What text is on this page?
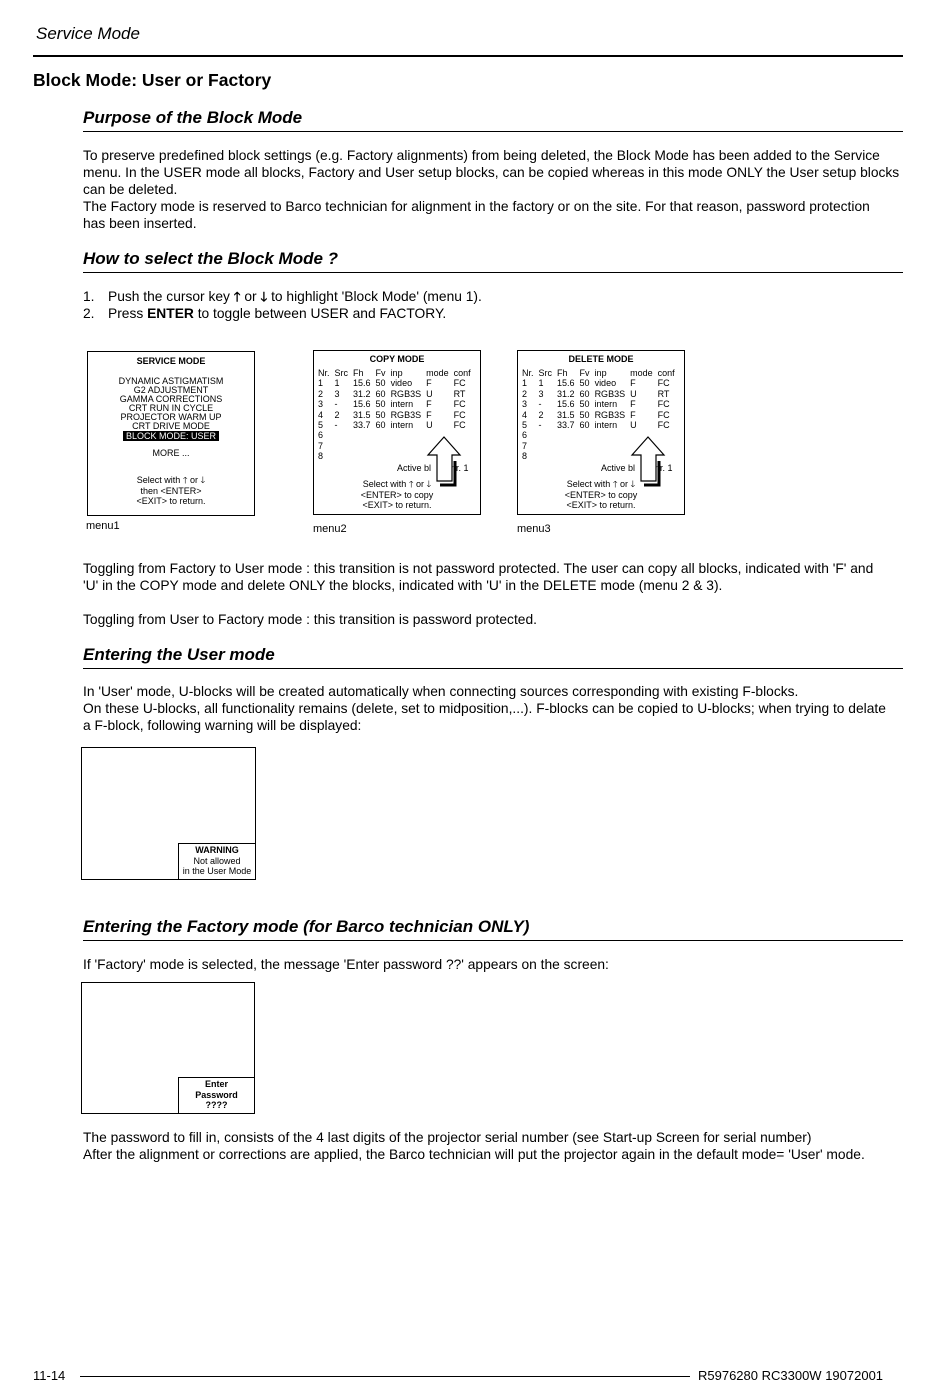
Service Mode
Block Mode: User or Factory
Purpose of the Block Mode
To preserve predefined block settings (e.g. Factory alignments) from being deleted, the Block Mode has been added to the Service
menu. In the USER mode all blocks, Factory and User setup blocks, can be copied whereas in this mode ONLY the User setup blocks
can be deleted.
The Factory mode is reserved to Barco technician for alignment in the factory or on the site. For that reason, password protection
has been inserted.
How to select the Block Mode ?
1. Push the cursor key 🡑 or 🡓 to highlight 'Block Mode' (menu 1).
2. Press ENTER to toggle between USER and FACTORY.
SERVICE MODE
DYNAMIC ASTIGMATISM
G2 ADJUSTMENT
GAMMA CORRECTIONS
CRT RUN IN CYCLE
PROJECTOR WARM UP
CRT DRIVE MODE
BLOCK MODE: USER
MORE ...
Select with 🡑 or 🡓
then <ENTER>
<EXIT> to return.
menu1
COPY MODE
Nr.	Src	Fh	Fv	inp	mode	conf
1	1	15.6	50	video	F	FC
2	3	31.2	60	RGB3S	U	RT
3	-	15.6	50	intern	F	FC
4	2	31.5	50	RGB3S	F	FC
5	-	33.7	60	intern	U	FC
6						
7						
8						
Active bl nr. 1
Select with 🡑 or 🡓
<ENTER> to copy
<EXIT> to return.
menu2
DELETE MODE
Nr.	Src	Fh	Fv	inp	mode	conf
1	1	15.6	50	video	F	FC
2	3	31.2	60	RGB3S	U	RT
3	-	15.6	50	intern	F	FC
4	2	31.5	50	RGB3S	F	FC
5	-	33.7	60	intern	U	FC
6						
7						
8						
Active bl nr. 1
Select with 🡑 or 🡓
<ENTER> to copy
<EXIT> to return.
menu3
Toggling from Factory to User mode : this transition is not password protected. The user can copy all blocks, indicated with 'F' and
'U' in the COPY mode and delete ONLY the blocks, indicated with 'U' in the DELETE mode (menu 2 & 3).
Toggling from User to Factory mode : this transition is password protected.
Entering the User mode
In 'User' mode, U-blocks will be created automatically when connecting sources corresponding with existing F-blocks.
On these U-blocks, all functionality remains (delete, set to midposition,...). F-blocks can be copied to U-blocks; when trying to delate
a F-block, following warning will be displayed:
WARNING
Not allowed
in the User Mode
Entering the Factory mode (for Barco technician ONLY)
If 'Factory' mode is selected, the message 'Enter password ??' appears on the screen:
Enter
Password
????
The password to fill in, consists of the 4 last digits of the projector serial number (see Start-up Screen for serial number)
After the alignment or corrections are applied, the Barco technician will put the projector again in the default mode= 'User' mode.
11-14	R5976280 RC3300W 19072001
